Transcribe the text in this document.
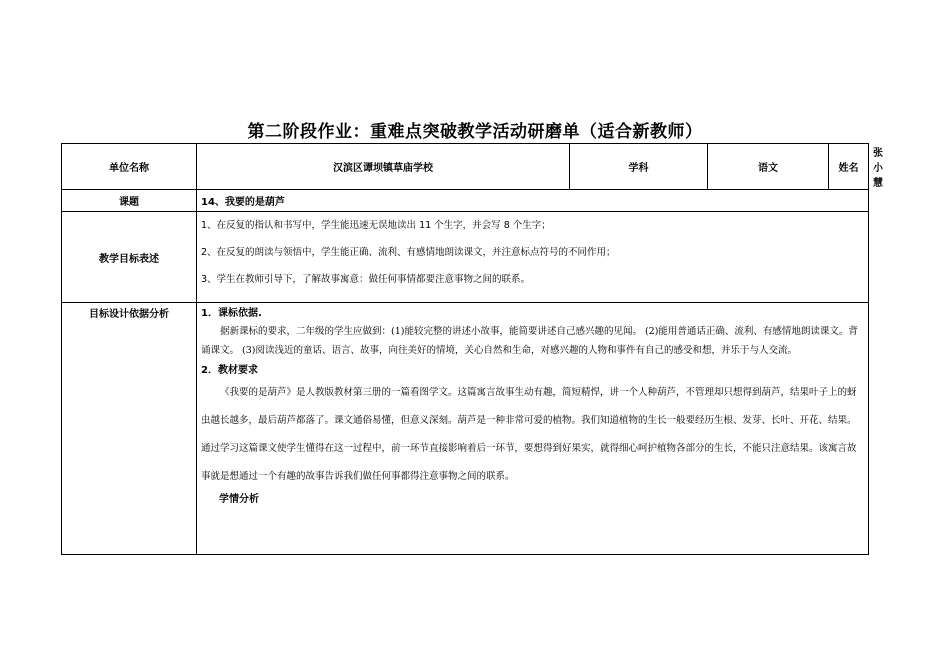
第二阶段作业：重难点突破教学活动研磨单（适合新教师）
单位名称	汉滨区谭坝镇草庙学校	学科	语文	姓名	张小慧
课题	14、我要的是葫芦				
教学目标表述	1、在反复的指认和书写中，学生能迅速无误地读出 11 个生字，并会写 8 个生字；
2、在反复的朗读与领悟中，学生能正确、流利、有感情地朗读课文，并注意标点符号的不同作用；
3、学生在教师引导下，了解故事寓意：做任何事情都要注意事物之间的联系。				

目标设计依据分析	1．课标依据.
据新课标的要求，二年级的学生应做到：(1)能较完整的讲述小故事，能简要讲述自己感兴趣的见闻。 (2)能用普通话正确、流利、有感情地朗读课文。背诵课文。 (3)阅读浅近的童话、语言、故事，向往美好的情境，关心自然和生命，对感兴趣的人物和事件有自己的感受和想，并乐于与人交流。
2．教材要求
《我要的是葫芦》是人教版教材第三册的一篇看图学文。这篇寓言故事生动有趣，简短精悍，讲一个人种葫芦，不管理却只想得到葫芦，结果叶子上的蚜虫越长越多，最后葫芦都落了。课文通俗易懂，但意义深刻。葫芦是一种非常可爱的植物。我们知道植物的生长一般要经历生根、发芽、长叶、开花、结果。通过学习这篇课文使学生懂得在这一过程中，前一环节直接影响着后一环节，要想得到好果实，就得细心呵护植物各部分的生长，不能只注意结果。该寓言故事就是想通过一个有趣的故事告诉我们做任何事都得注意事物之间的联系。
学情分析				
